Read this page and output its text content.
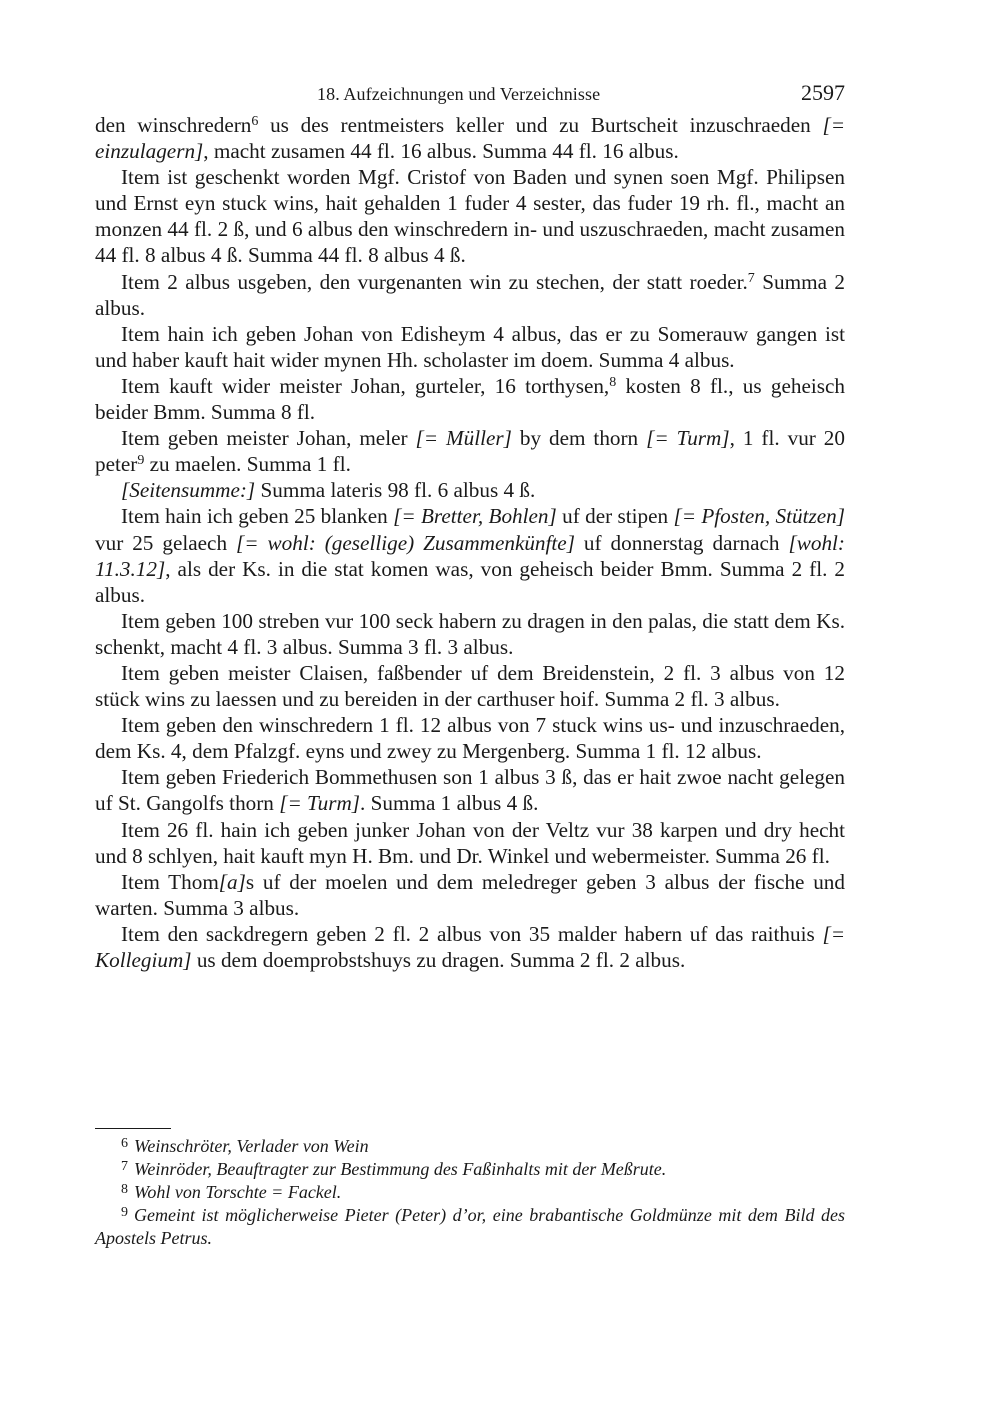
18. Aufzeichnungen und Verzeichnisse	2597

den winschredern$^6$ us des rentmeisters keller und zu Burtscheit inzuschraeden [= einzulagern], macht zusamen 44 fl. 16 albus. Summa 44 fl. 16 albus.

Item ist geschenkt worden Mgf. Cristof von Baden und synen soen Mgf. Philipsen und Ernst eyn stuck wins, hait gehalden 1 fuder 4 sester, das fuder 19 rh. fl., macht an monzen 44 fl. 2 ß, und 6 albus den winschredern in- und uszuschraeden, macht zusamen 44 fl. 8 albus 4 ß. Summa 44 fl. 8 albus 4 ß.

Item 2 albus usgeben, den vurgenanten win zu stechen, der statt roeder.$^7$ Summa 2 albus.

Item hain ich geben Johan von Edisheym 4 albus, das er zu Somerauw gangen ist und haber kauft hait wider mynen Hh. scholaster im doem. Summa 4 albus.

Item kauft wider meister Johan, gurteler, 16 torthysen,$^8$ kosten 8 fl., us geheisch beider Bmm. Summa 8 fl.

Item geben meister Johan, meler [= Müller] by dem thorn [= Turm], 1 fl. vur 20 peter$^9$ zu maelen. Summa 1 fl.

[Seitensumme:] Summa lateris 98 fl. 6 albus 4 ß.

Item hain ich geben 25 blanken [= Bretter, Bohlen] uf der stipen [= Pfosten, Stützen] vur 25 gelaech [= wohl: (gesellige) Zusammenkünfte] uf donnerstag darnach [wohl: 11.3.12], als der Ks. in die stat komen was, von geheisch beider Bmm. Summa 2 fl. 2 albus.

Item geben 100 streben vur 100 seck habern zu dragen in den palas, die statt dem Ks. schenkt, macht 4 fl. 3 albus. Summa 3 fl. 3 albus.

Item geben meister Claisen, faßbender uf dem Breidenstein, 2 fl. 3 albus von 12 stück wins zu laessen und zu bereiden in der carthuser hoif. Summa 2 fl. 3 albus.

Item geben den winschredern 1 fl. 12 albus von 7 stuck wins us- und inzuschraeden, dem Ks. 4, dem Pfalzgf. eyns und zwey zu Mergenberg. Summa 1 fl. 12 albus.

Item geben Friederich Bommethusen son 1 albus 3 ß, das er hait zwoe nacht gelegen uf St. Gangolfs thorn [= Turm]. Summa 1 albus 4 ß.

Item 26 fl. hain ich geben junker Johan von der Veltz vur 38 karpen und dry hecht und 8 schlyen, hait kauft myn H. Bm. und Dr. Winkel und webermeister. Summa 26 fl.

Item Thom[a]s uf der moelen und dem meledreger geben 3 albus der fische und warten. Summa 3 albus.

Item den sackdregern geben 2 fl. 2 albus von 35 malder habern uf das raithuis [= Kollegium] us dem doemprobstshuys zu dragen. Summa 2 fl. 2 albus.

$^6$ Weinschröter, Verlader von Wein

$^7$ Weinröder, Beauftragter zur Bestimmung des Faßinhalts mit der Meßrute.

$^8$ Wohl von Torschte = Fackel.

$^9$ Gemeint ist möglicherweise Pieter (Peter) d’or, eine brabantische Goldmünze mit dem Bild des Apostels Petrus.
